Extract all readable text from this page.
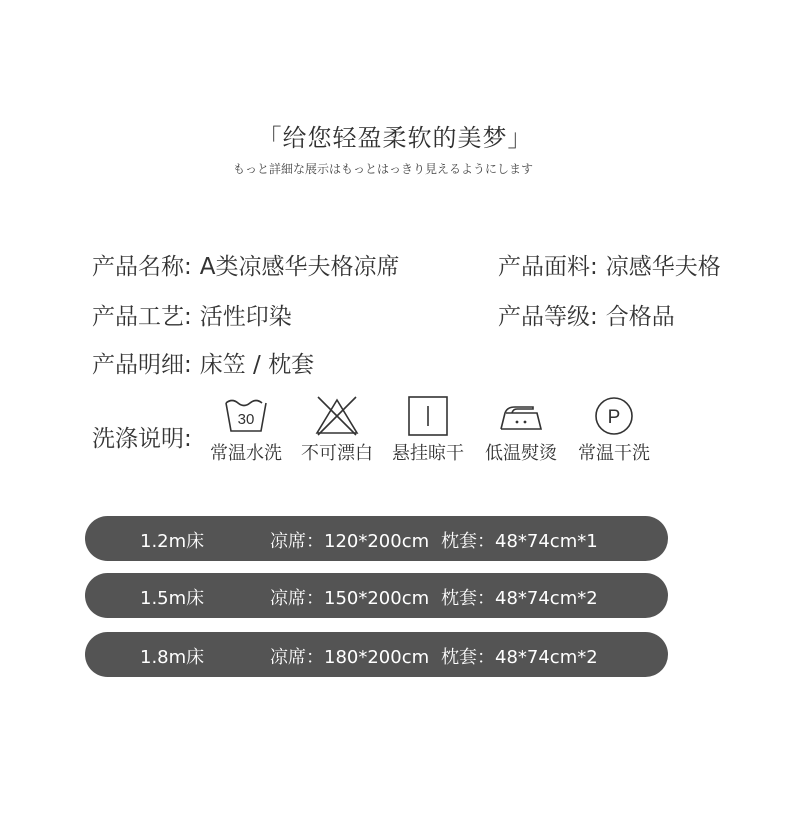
「给您轻盈柔软的美梦」
もっと詳細な展示はもっとはっきり見えるようにします
产品名称: A类凉感华夫格凉席	产品面料: 凉感华夫格
产品工艺: 活性印染	产品等级: 合格品
产品明细: 床笠 / 枕套
洗涤说明:
30
常温水洗	不可漂白	悬挂晾干	低温熨烫
P
常温干洗
1.2m床	凉席：120*200cm 枕套：48*74cm*1
1.5m床	凉席：150*200cm 枕套：48*74cm*2
1.8m床	凉席：180*200cm 枕套：48*74cm*2
